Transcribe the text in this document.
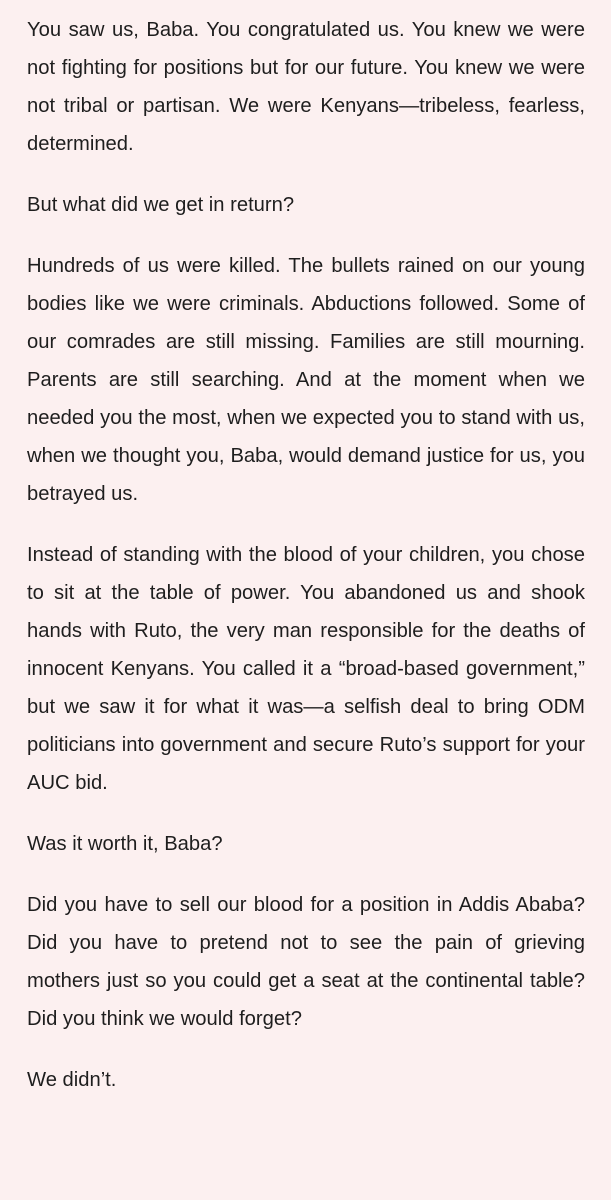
You saw us, Baba. You congratulated us. You knew we were not fighting for positions but for our future. You knew we were not tribal or partisan. We were Kenyans—tribeless, fearless, determined.

But what did we get in return?

Hundreds of us were killed. The bullets rained on our young bodies like we were criminals. Abductions followed. Some of our comrades are still missing. Families are still mourning. Parents are still searching. And at the moment when we needed you the most, when we expected you to stand with us, when we thought you, Baba, would demand justice for us, you betrayed us.

Instead of standing with the blood of your children, you chose to sit at the table of power. You abandoned us and shook hands with Ruto, the very man responsible for the deaths of innocent Kenyans. You called it a “broad-based government,” but we saw it for what it was—a selfish deal to bring ODM politicians into government and secure Ruto’s support for your AUC bid.

Was it worth it, Baba?

Did you have to sell our blood for a position in Addis Ababa? Did you have to pretend not to see the pain of grieving mothers just so you could get a seat at the continental table? Did you think we would forget?

We didn’t.
